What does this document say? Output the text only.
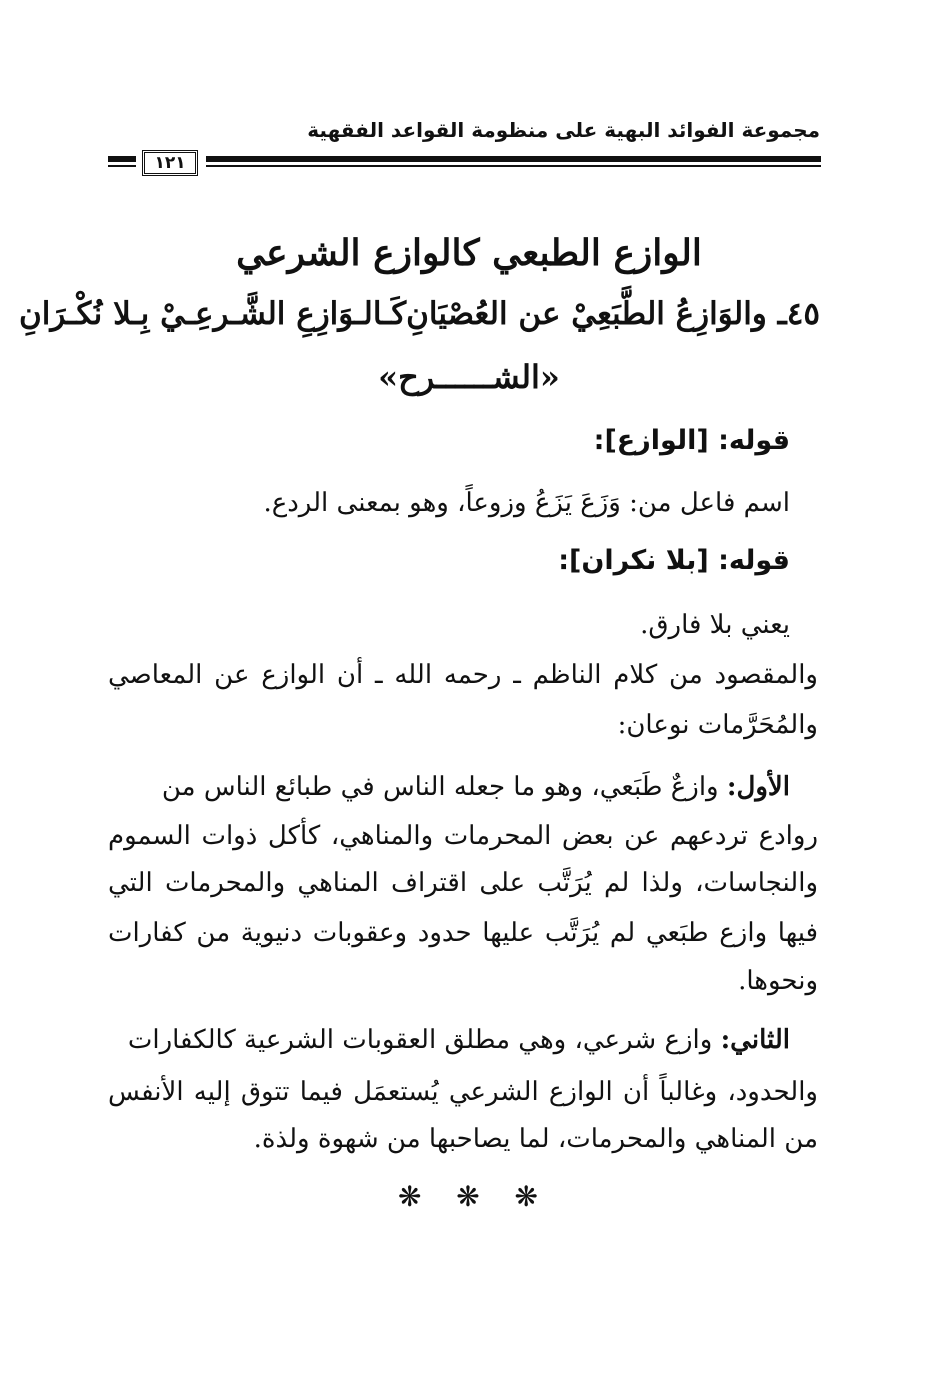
مجموعة الفوائد البهية على منظومة القواعد الفقهية
١٢١
الوازع الطبعي كالوازع الشرعي
٤٥ـ والوَازِعُ الطَّبَعِيْ عن العُصْيَانِ
كَـالـوَازِعِ الشَّـرعِـيْ بِـلا نُكْـرَانِ
«الشــــــرح»
قوله: [الوازع]:
اسم فاعل من: وَزَعَ يَزَعُ وزوعاً، وهو بمعنى الردع.
قوله: [بلا نكران]:
يعني بلا فارق.
والمقصود من كلام الناظم ـ رحمه الله ـ أن الوازع عن المعاصي
والمُحَرَّمات نوعان:
الأول: وازعٌ طَبَعي، وهو ما جعله الناس في طبائع الناس من
روادع تردعهم عن بعض المحرمات والمناهي، كأكل ذوات السموم
والنجاسات، ولذا لم يُرَتَّب على اقتراف المناهي والمحرمات التي
فيها وازع طبَعي لم يُرَتَّب عليها حدود وعقوبات دنيوية من كفارات
ونحوها.
الثاني: وازع شرعي، وهي مطلق العقوبات الشرعية كالكفارات
والحدود، وغالباً أن الوازع الشرعي يُستعمَل فيما تتوق إليه الأنفس
من المناهي والمحرمات، لما يصاحبها من شهوة ولذة.
❋
❋
❋
